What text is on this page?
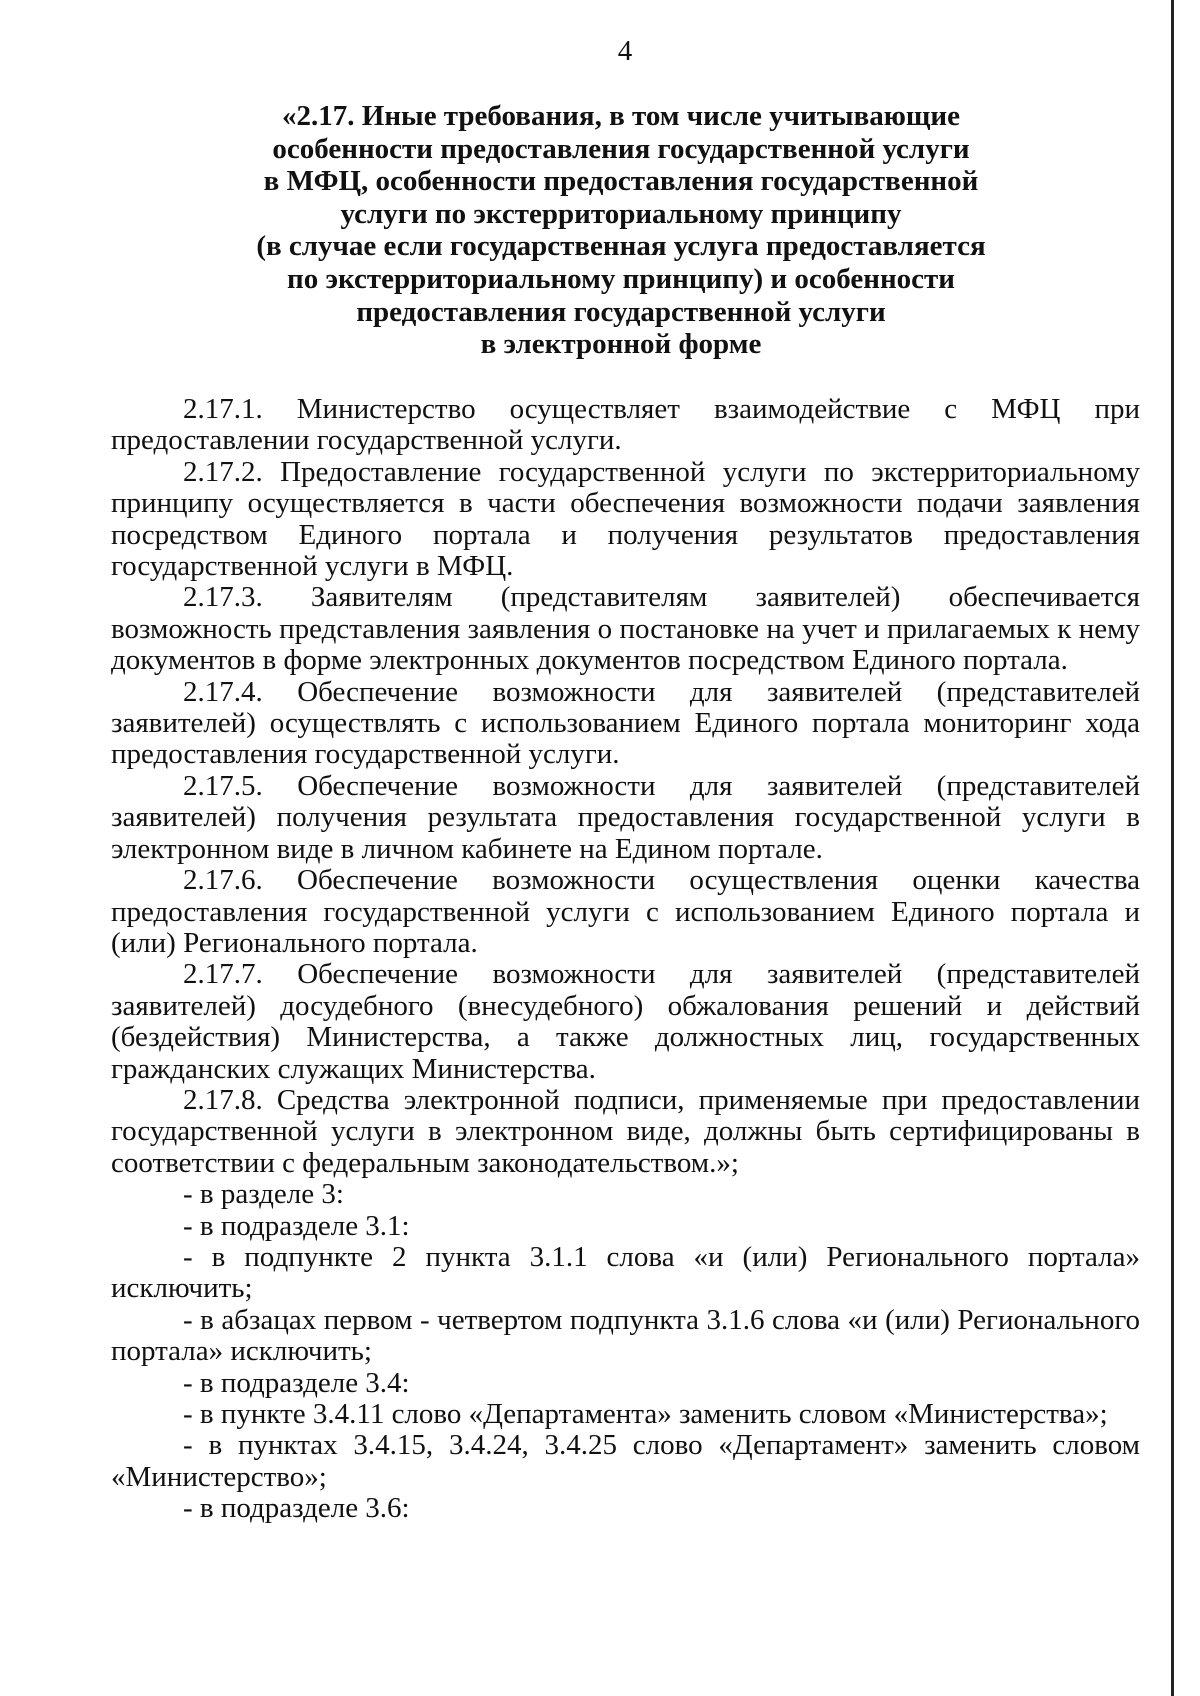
4
«2.17. Иные требования, в том числе учитывающие
особенности предоставления государственной услуги
в МФЦ, особенности предоставления государственной
услуги по экстерриториальному принципу
(в случае если государственная услуга предоставляется
по экстерриториальному принципу) и особенности
предоставления государственной услуги
в электронной форме

2.17.1. Министерство осуществляет взаимодействие с МФЦ при предоставлении государственной услуги.

2.17.2. Предоставление государственной услуги по экстерриториальному принципу осуществляется в части обеспечения возможности подачи заявления посредством Единого портала и получения результатов предоставления государственной услуги в МФЦ.

2.17.3. Заявителям (представителям заявителей) обеспечивается возможность представления заявления о постановке на учет и прилагаемых к нему документов в форме электронных документов посредством Единого портала.

2.17.4. Обеспечение возможности для заявителей (представителей заявителей) осуществлять с использованием Единого портала мониторинг хода предоставления государственной услуги.

2.17.5. Обеспечение возможности для заявителей (представителей заявителей) получения результата предоставления государственной услуги в электронном виде в личном кабинете на Едином портале.

2.17.6. Обеспечение возможности осуществления оценки качества предоставления государственной услуги с использованием Единого портала и (или) Регионального портала.

2.17.7. Обеспечение возможности для заявителей (представителей заявителей) досудебного (внесудебного) обжалования решений и действий (бездействия) Министерства, а также должностных лиц, государственных гражданских служащих Министерства.

2.17.8. Средства электронной подписи, применяемые при предоставлении государственной услуги в электронном виде, должны быть сертифицированы в соответствии с федеральным законодательством.»;

- в разделе 3:

- в подразделе 3.1:

- в подпункте 2 пункта 3.1.1 слова «и (или) Регионального портала» исключить;

- в абзацах первом - четвертом подпункта 3.1.6 слова «и (или) Регионального портала» исключить;

- в подразделе 3.4:

- в пункте 3.4.11 слово «Департамента» заменить словом «Министерства»;

- в пунктах 3.4.15, 3.4.24, 3.4.25 слово «Департамент» заменить словом «Министерство»;

- в подразделе 3.6:
